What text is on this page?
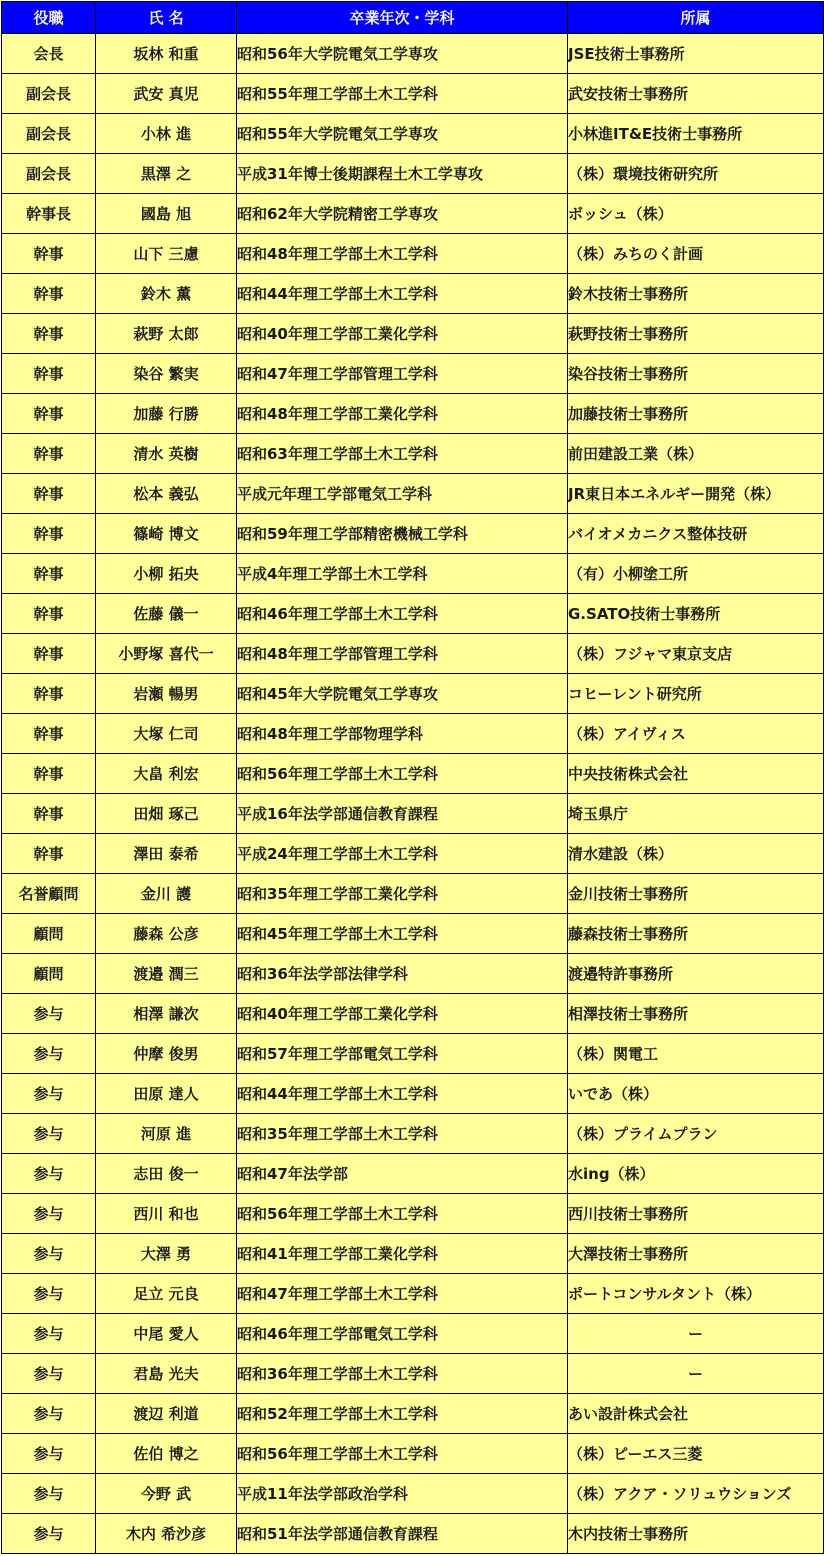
役職	氏 名	卒業年次・学科	所属
会長	坂林 和重	昭和56年大学院電気工学専攻	JSE技術士事務所
副会長	武安 真児	昭和55年理工学部土木工学科	武安技術士事務所
副会長	小林 進	昭和55年大学院電気工学専攻	小林進IT&E技術士事務所
副会長	黒澤 之	平成31年博士後期課程土木工学専攻	（株）環境技術研究所
幹事長	國島 旭	昭和62年大学院精密工学専攻	ボッシュ（株）
幹事	山下 三慮	昭和48年理工学部土木工学科	（株）みちのく計画
幹事	鈴木 薫	昭和44年理工学部土木工学科	鈴木技術士事務所
幹事	萩野 太郎	昭和40年理工学部工業化学科	萩野技術士事務所
幹事	染谷 繁実	昭和47年理工学部管理工学科	染谷技術士事務所
幹事	加藤 行勝	昭和48年理工学部工業化学科	加藤技術士事務所
幹事	清水 英樹	昭和63年理工学部土木工学科	前田建設工業（株）
幹事	松本 義弘	平成元年理工学部電気工学科	JR東日本エネルギー開発（株）
幹事	篠崎 博文	昭和59年理工学部精密機械工学科	バイオメカニクス整体技研
幹事	小柳 拓央	平成4年理工学部土木工学科	（有）小柳塗工所
幹事	佐藤 儀一	昭和46年理工学部土木工学科	G.SATO技術士事務所
幹事	小野塚 喜代一	昭和48年理工学部管理工学科	（株）フジャマ東京支店
幹事	岩瀬 暢男	昭和45年大学院電気工学専攻	コヒーレント研究所
幹事	大塚 仁司	昭和48年理工学部物理学科	（株）アイヴィス
幹事	大畠 利宏	昭和56年理工学部土木工学科	中央技術株式会社
幹事	田畑 琢己	平成16年法学部通信教育課程	埼玉県庁
幹事	澤田 泰希	平成24年理工学部土木工学科	清水建設（株）
名誉顧問	金川 護	昭和35年理工学部工業化学科	金川技術士事務所
顧問	藤森 公彦	昭和45年理工学部土木工学科	藤森技術士事務所
顧問	渡邉 潤三	昭和36年法学部法律学科	渡邉特許事務所
参与	相澤 謙次	昭和40年理工学部工業化学科	相澤技術士事務所
参与	仲摩 俊男	昭和57年理工学部電気工学科	（株）関電工
参与	田原 達人	昭和44年理工学部土木工学科	いであ（株）
参与	河原 進	昭和35年理工学部土木工学科	（株）プライムプラン
参与	志田 俊一	昭和47年法学部	水ing（株）
参与	西川 和也	昭和56年理工学部土木工学科	西川技術士事務所
参与	大澤 勇	昭和41年理工学部工業化学科	大澤技術士事務所
参与	足立 元良	昭和47年理工学部土木工学科	ポートコンサルタント（株）
参与	中尾 愛人	昭和46年理工学部電気工学科	ー
参与	君島 光夫	昭和36年理工学部土木工学科	ー
参与	渡辺 利道	昭和52年理工学部土木工学科	あい設計株式会社
参与	佐伯 博之	昭和56年理工学部土木工学科	（株）ピーエス三菱
参与	今野 武	平成11年法学部政治学科	（株）アクア・ソリュウションズ
参与	木内 希沙彦	昭和51年法学部通信教育課程	木内技術士事務所
